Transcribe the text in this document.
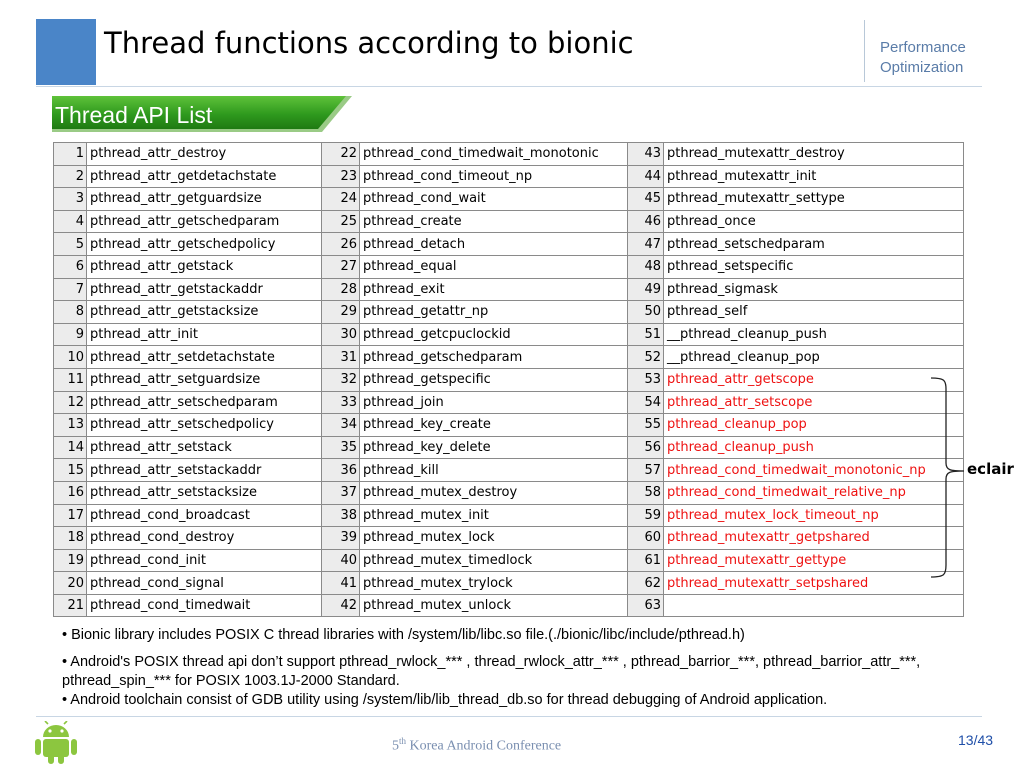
Thread functions according to bionic	Performance
Optimization
Thread API List
1	pthread_attr_destroy	22	pthread_cond_timedwait_monotonic	43	pthread_mutexattr_destroy
2	pthread_attr_getdetachstate	23	pthread_cond_timeout_np	44	pthread_mutexattr_init
3	pthread_attr_getguardsize	24	pthread_cond_wait	45	pthread_mutexattr_settype
4	pthread_attr_getschedparam	25	pthread_create	46	pthread_once
5	pthread_attr_getschedpolicy	26	pthread_detach	47	pthread_setschedparam
6	pthread_attr_getstack	27	pthread_equal	48	pthread_setspecific
7	pthread_attr_getstackaddr	28	pthread_exit	49	pthread_sigmask
8	pthread_attr_getstacksize	29	pthread_getattr_np	50	pthread_self
9	pthread_attr_init	30	pthread_getcpuclockid	51	__pthread_cleanup_push
10	pthread_attr_setdetachstate	31	pthread_getschedparam	52	__pthread_cleanup_pop
11	pthread_attr_setguardsize	32	pthread_getspecific	53	pthread_attr_getscope
12	pthread_attr_setschedparam	33	pthread_join	54	pthread_attr_setscope
13	pthread_attr_setschedpolicy	34	pthread_key_create	55	pthread_cleanup_pop
14	pthread_attr_setstack	35	pthread_key_delete	56	pthread_cleanup_push
15	pthread_attr_setstackaddr	36	pthread_kill	57	pthread_cond_timedwait_monotonic_np
16	pthread_attr_setstacksize	37	pthread_mutex_destroy	58	pthread_cond_timedwait_relative_np
17	pthread_cond_broadcast	38	pthread_mutex_init	59	pthread_mutex_lock_timeout_np
18	pthread_cond_destroy	39	pthread_mutex_lock	60	pthread_mutexattr_getpshared
19	pthread_cond_init	40	pthread_mutex_timedlock	61	pthread_mutexattr_gettype
20	pthread_cond_signal	41	pthread_mutex_trylock	62	pthread_mutexattr_setpshared
21	pthread_cond_timedwait	42	pthread_mutex_unlock	63	
eclair

• Bionic library includes POSIX C thread libraries with /system/lib/libc.so file.(./bionic/libc/include/pthread.h)

• Android's POSIX thread api don’t support pthread_rwlock_*** , thread_rwlock_attr_*** , pthread_barrior_***, pthread_barrior_attr_***, pthread_spin_*** for POSIX 1003.1J-2000 Standard.

• Android toolchain consist of GDB utility using /system/lib/lib_thread_db.so for thread debugging of Android application.

5th Korea Android Conference	13/43
